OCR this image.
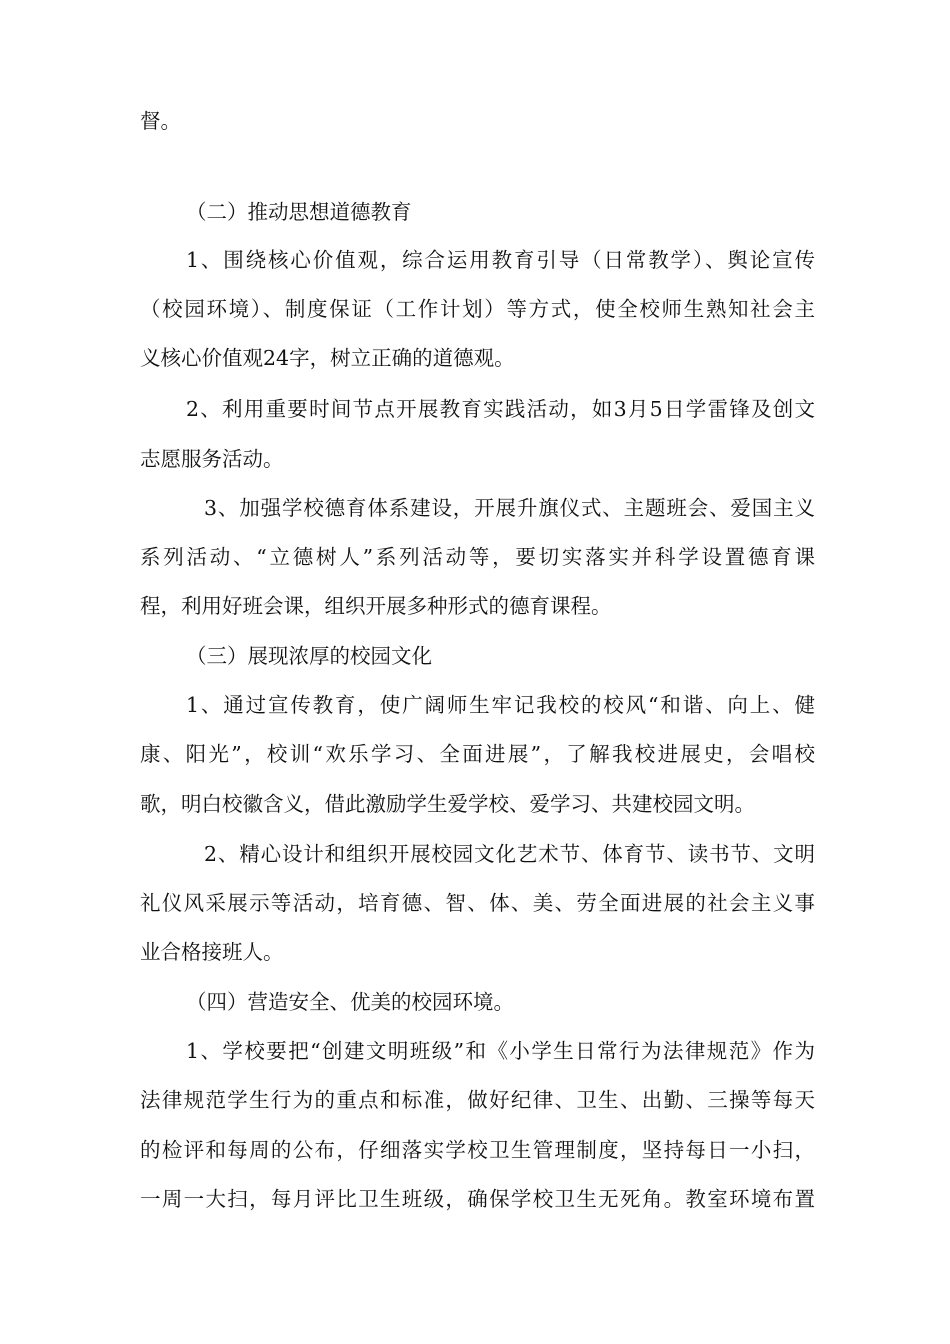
督。
（二）推动思想道德教育
1、围绕核心价值观，综合运用教育引导（日常教学）、舆论宣传
（校园环境）、制度保证（工作计划）等方式，使全校师生熟知社会主
义核心价值观24字，树立正确的道德观。
2、利用重要时间节点开展教育实践活动，如3月5日学雷锋及创文
志愿服务活动。
3、加强学校德育体系建设，开展升旗仪式、主题班会、爱国主义
系列活动、“立德树人”系列活动等，要切实落实并科学设置德育课
程，利用好班会课，组织开展多种形式的德育课程。
（三）展现浓厚的校园文化
1、通过宣传教育，使广阔师生牢记我校的校风“和谐、向上、健
康、阳光”，校训“欢乐学习、全面进展”，了解我校进展史，会唱校
歌，明白校徽含义，借此激励学生爱学校、爱学习、共建校园文明。
2、精心设计和组织开展校园文化艺术节、体育节、读书节、文明
礼仪风采展示等活动，培育德、智、体、美、劳全面进展的社会主义事
业合格接班人。
（四）营造安全、优美的校园环境。
1、学校要把“创建文明班级”和《小学生日常行为法律规范》作为
法律规范学生行为的重点和标准，做好纪律、卫生、出勤、三操等每天
的检评和每周的公布，仔细落实学校卫生管理制度，坚持每日一小扫，
一周一大扫，每月评比卫生班级，确保学校卫生无死角。教室环境布置
